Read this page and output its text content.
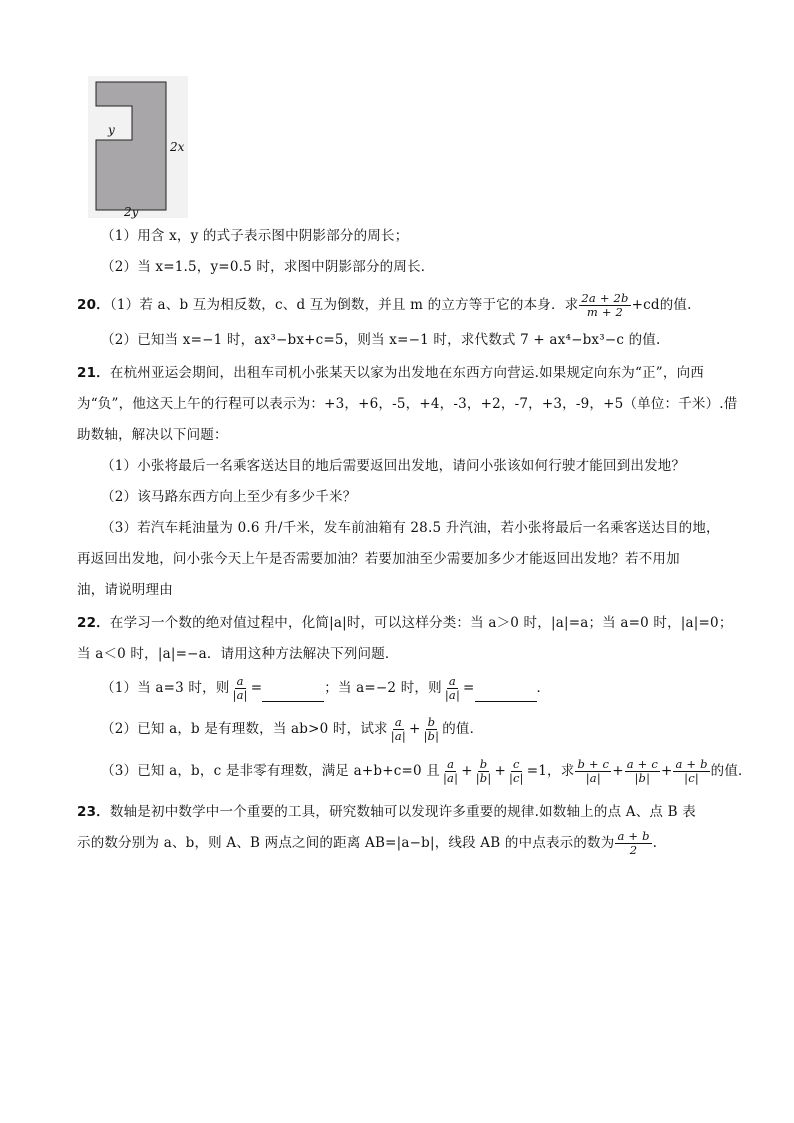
y
2x
2y
（1）用含 x，y 的式子表示图中阴影部分的周长；
（2）当 x=1.5，y=0.5 时，求图中阴影部分的周长．
20．（1）若 a、b 互为相反数，c、d 互为倒数，并且 m 的立方等于它的本身．求 $\frac{2a + 2b}{m + 2} +cd$的值.
（2）已知当 x=−1 时，ax³−bx+c=5，则当 x=−1 时，求代数式 7 + ax⁴−bx³−c 的值.
21．在杭州亚运会期间，出租车司机小张某天以家为出发地在东西方向营运.如果规定向东为“正”，向西
为“负”，他这天上午的行程可以表示为：+3，+6，-5，+4，-3，+2，-7，+3，-9，+5（单位：千米）.借
助数轴，解决以下问题：
（1）小张将最后一名乘客送达目的地后需要返回出发地，请问小张该如何行驶才能回到出发地？
（2）该马路东西方向上至少有多少千米？
（3）若汽车耗油量为 0.6 升/千米，发车前油箱有 28.5 升汽油，若小张将最后一名乘客送达目的地，
再返回出发地，问小张今天上午是否需要加油？若要加油至少需要加多少才能返回出发地？若不用加
油，请说明理由
22．在学习一个数的绝对值过程中，化简|a|时，可以这样分类：当 a＞0 时，|a|=a；当 a=0 时，|a|=0；
当 a＜0 时，|a|=−a．请用这种方法解决下列问题．
（1）当 a=3 时，则 $\frac{a}{|a|}$ =	；当 a=−2 时，则 $\frac{a}{|a|}$ =	．
（2）已知 a，b 是有理数，当 ab>0 时，试求 $\frac{a}{|a|} + \frac{b}{|b|}$ 的值．
（3）已知 a，b，c 是非零有理数，满足 a+b+c=0 且 $\frac{a}{|a|} + \frac{b}{|b|} + \frac{c}{|c|} =1$，求 $\frac{b + c}{|a|} + \frac{a + c}{|b|} + \frac{a + b}{|c|}$ 的值．
23．数轴是初中数学中一个重要的工具，研究数轴可以发现许多重要的规律.如数轴上的点 A、点 B 表
示的数分别为 a、b，则 A、B 两点之间的距离 AB=|a−b|，线段 AB 的中点表示的数为 $\frac{a + b}{2}$ .
